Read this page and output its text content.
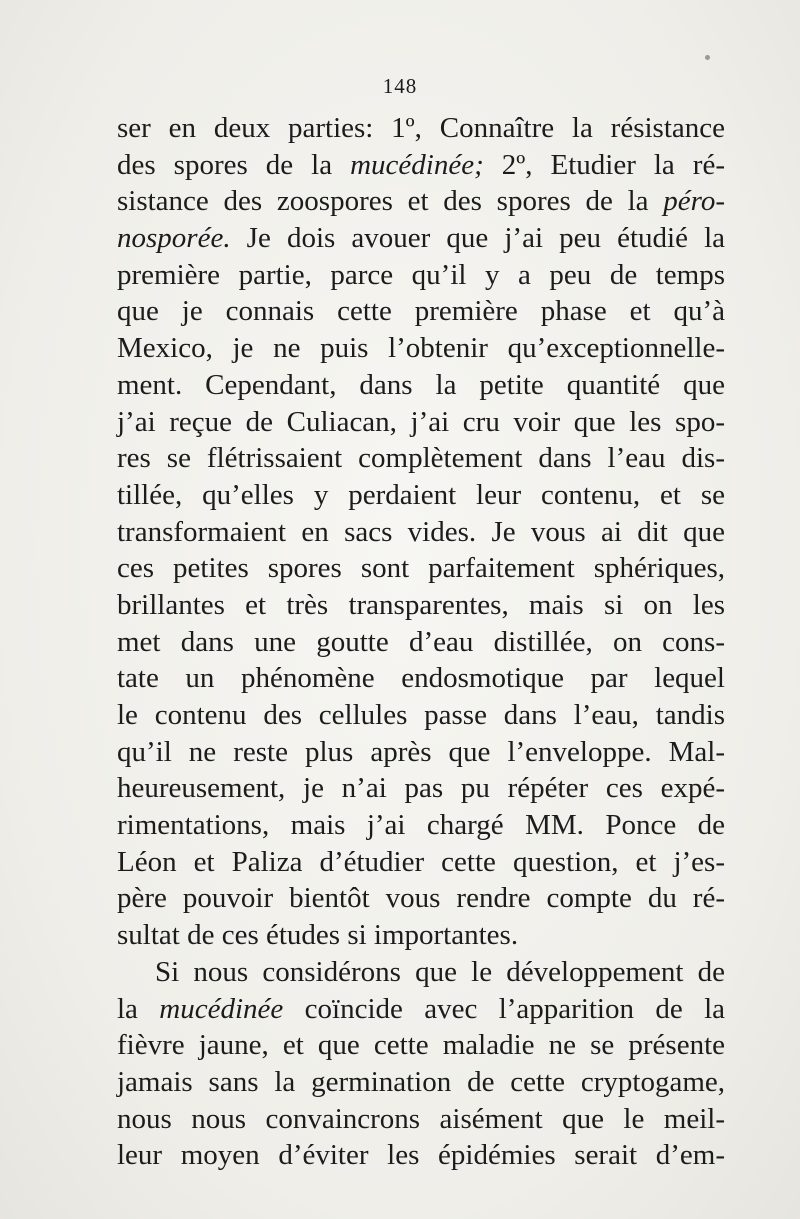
148
ser en deux parties: 1º, Connaître la résistance
des spores de la mucédinée; 2º, Etudier la ré-
sistance des zoospores et des spores de la péro-
nosporée. Je dois avouer que j’ai peu étudié la
première partie, parce qu’il y a peu de temps
que je connais cette première phase et qu’à
Mexico, je ne puis l’obtenir qu’exceptionnelle-
ment. Cependant, dans la petite quantité que
j’ai reçue de Culiacan, j’ai cru voir que les spo-
res se flétrissaient complètement dans l’eau dis-
tillée, qu’elles y perdaient leur contenu, et se
transformaient en sacs vides. Je vous ai dit que
ces petites spores sont parfaitement sphériques,
brillantes et très transparentes, mais si on les
met dans une goutte d’eau distillée, on cons-
tate un phénomène endosmotique par lequel
le contenu des cellules passe dans l’eau, tandis
qu’il ne reste plus après que l’enveloppe. Mal-
heureusement, je n’ai pas pu répéter ces expé-
rimentations, mais j’ai chargé MM. Ponce de
Léon et Paliza d’étudier cette question, et j’es-
père pouvoir bientôt vous rendre compte du ré-
sultat de ces études si importantes.
Si nous considérons que le développement de
la mucédinée coïncide avec l’apparition de la
fièvre jaune, et que cette maladie ne se présente
jamais sans la germination de cette cryptogame,
nous nous convaincrons aisément que le meil-
leur moyen d’éviter les épidémies serait d’em-
